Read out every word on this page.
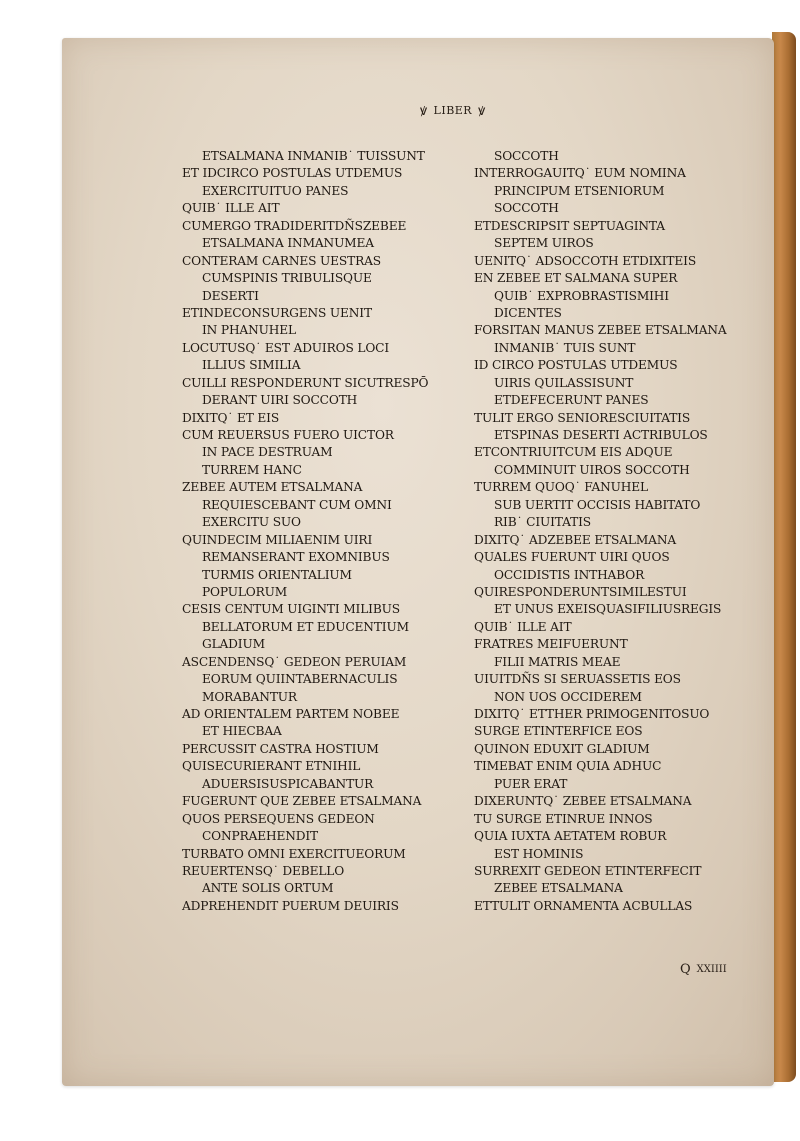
ꝟ LIBER ꝟ
ETSALMANA INMANIB˙ TUISSUNT
ET IDCIRCO POSTULAS UTDEMUS
EXERCITUITUO PANES
QUIB˙ ILLE AIT
CUMERGO TRADIDERITDÑSZEBEE
ETSALMANA INMANUMEA
CONTERAM CARNES UESTRAS
CUMSPINIS TRIBULISQUE
DESERTI
ETINDECONSURGENS UENIT
IN PHANUHEL
LOCUTUSQ˙ EST ADUIROS LOCI
ILLIUS SIMILIA
CUILLI RESPONDERUNT SICUTRESPŌ
DERANT UIRI SOCCOTH
DIXITQ˙ ET EIS
CUM REUERSUS FUERO UICTOR
IN PACE DESTRUAM
TURREM HANC
ZEBEE AUTEM ETSALMANA
REQUIESCEBANT CUM OMNI
EXERCITU SUO
QUINDECIM MILIAENIM UIRI
REMANSERANT EXOMNIBUS
TURMIS ORIENTALIUM
POPULORUM
CESIS CENTUM UIGINTI MILIBUS
BELLATORUM ET EDUCENTIUM
GLADIUM
ASCENDENSQ˙ GEDEON PERUIAM
EORUM QUIINTABERNACULIS
MORABANTUR
AD ORIENTALEM PARTEM NOBEE
ET HIECBAA
PERCUSSIT CASTRA HOSTIUM
QUISECURIERANT ETNIHIL
ADUERSISUSPICABANTUR
FUGERUNT QUE ZEBEE ETSALMANA
QUOS PERSEQUENS GEDEON
CONPRAEHENDIT
TURBATO OMNI EXERCITUEORUM
REUERTENSQ˙ DEBELLO
ANTE SOLIS ORTUM
ADPREHENDIT PUERUM DEUIRIS
SOCCOTH
INTERROGAUITQ˙ EUM NOMINA
PRINCIPUM ETSENIORUM
SOCCOTH
ETDESCRIPSIT SEPTUAGINTA
SEPTEM UIROS
UENITQ˙ ADSOCCOTH ETDIXITEIS
EN ZEBEE ET SALMANA SUPER
QUIB˙ EXPROBRASTISMIHI
DICENTES
FORSITAN MANUS ZEBEE ETSALMANA
INMANIB˙ TUIS SUNT
ID CIRCO POSTULAS UTDEMUS
UIRIS QUILASSISUNT
ETDEFECERUNT PANES
TULIT ERGO SENIORESCIUITATIS
ETSPINAS DESERTI ACTRIBULOS
ETCONTRIUITCUM EIS ADQUE
COMMINUIT UIROS SOCCOTH
TURREM QUOQ˙ FANUHEL
SUB UERTIT OCCISIS HABITATO
RIB˙ CIUITATIS
DIXITQ˙ ADZEBEE ETSALMANA
QUALES FUERUNT UIRI QUOS
OCCIDISTIS INTHABOR
QUIRESPONDERUNTSIMILESTUI
ET UNUS EXEISQUASIFILIUSREGIS
QUIB˙ ILLE AIT
FRATRES MEIFUERUNT
FILII MATRIS MEAE
UIUITDÑS SI SERUASSETIS EOS
NON UOS OCCIDEREM
DIXITQ˙ ETTHER PRIMOGENITOSUO
SURGE ETINTERFICE EOS
QUINON EDUXIT GLADIUM
TIMEBAT ENIM QUIA ADHUC
PUER ERAT
DIXERUNTQ˙ ZEBEE ETSALMANA
TU SURGE ETINRUE INNOS
QUIA IUXTA AETATEM ROBUR
EST HOMINIS
SURREXIT GEDEON ETINTERFECIT
ZEBEE ETSALMANA
ETTULIT ORNAMENTA ACBULLAS
Q XXIIII
